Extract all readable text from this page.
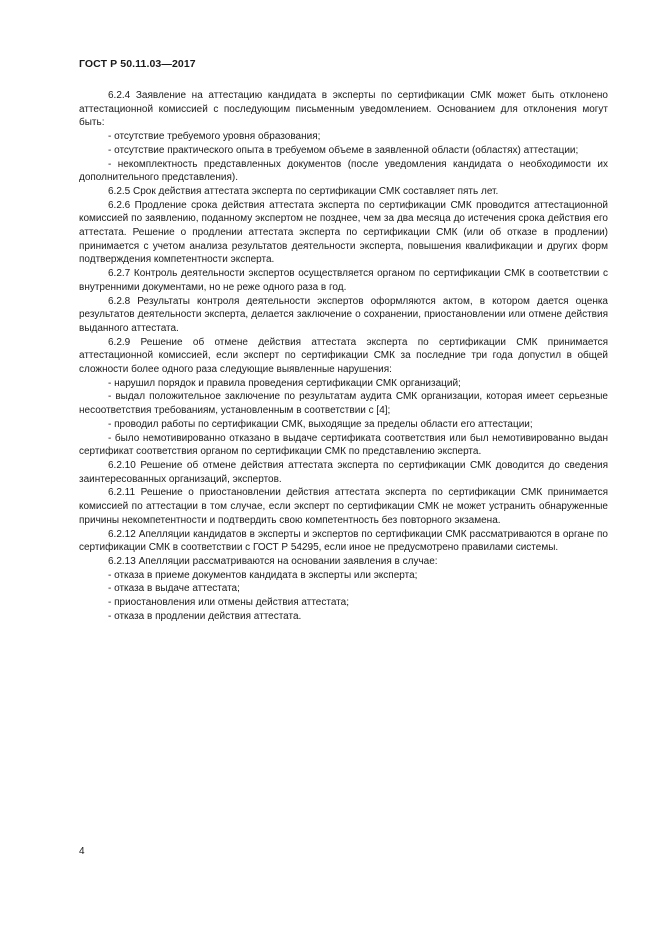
ГОСТ Р 50.11.03—2017

6.2.4 Заявление на аттестацию кандидата в эксперты по сертификации СМК может быть отклонено аттестационной комиссией с последующим письменным уведомлением. Основанием для отклонения могут быть:

- отсутствие требуемого уровня образования;

- отсутствие практического опыта в требуемом объеме в заявленной области (областях) аттестации;

- некомплектность представленных документов (после уведомления кандидата о необходимости их дополнительного представления).

6.2.5 Срок действия аттестата эксперта по сертификации СМК составляет пять лет.

6.2.6 Продление срока действия аттестата эксперта по сертификации СМК проводится аттестационной комиссией по заявлению, поданному экспертом не позднее, чем за два месяца до истечения срока действия его аттестата. Решение о продлении аттестата эксперта по сертификации СМК (или об отказе в продлении) принимается с учетом анализа результатов деятельности эксперта, повышения квалификации и других форм подтверждения компетентности эксперта.

6.2.7 Контроль деятельности экспертов осуществляется органом по сертификации СМК в соответствии с внутренними документами, но не реже одного раза в год.

6.2.8 Результаты контроля деятельности экспертов оформляются актом, в котором дается оценка результатов деятельности эксперта, делается заключение о сохранении, приостановлении или отмене действия выданного аттестата.

6.2.9 Решение об отмене действия аттестата эксперта по сертификации СМК принимается аттестационной комиссией, если эксперт по сертификации СМК за последние три года допустил в общей сложности более одного раза следующие выявленные нарушения:

- нарушил порядок и правила проведения сертификации СМК организаций;

- выдал положительное заключение по результатам аудита СМК организации, которая имеет серьезные несоответствия требованиям, установленным в соответствии с [4];

- проводил работы по сертификации СМК, выходящие за пределы области его аттестации;

- было немотивированно отказано в выдаче сертификата соответствия или был немотивированно выдан сертификат соответствия органом по сертификации СМК по представлению эксперта.

6.2.10 Решение об отмене действия аттестата эксперта по сертификации СМК доводится до сведения заинтересованных организаций, экспертов.

6.2.11 Решение о приостановлении действия аттестата эксперта по сертификации СМК принимается комиссией по аттестации в том случае, если эксперт по сертификации СМК не может устранить обнаруженные причины некомпетентности и подтвердить свою компетентность без повторного экзамена.

6.2.12 Апелляции кандидатов в эксперты и экспертов по сертификации СМК рассматриваются в органе по сертификации СМК в соответствии с ГОСТ Р 54295, если иное не предусмотрено правилами системы.

6.2.13 Апелляции рассматриваются на основании заявления в случае:

- отказа в приеме документов кандидата в эксперты или эксперта;

- отказа в выдаче аттестата;

- приостановления или отмены действия аттестата;

- отказа в продлении действия аттестата.

4
